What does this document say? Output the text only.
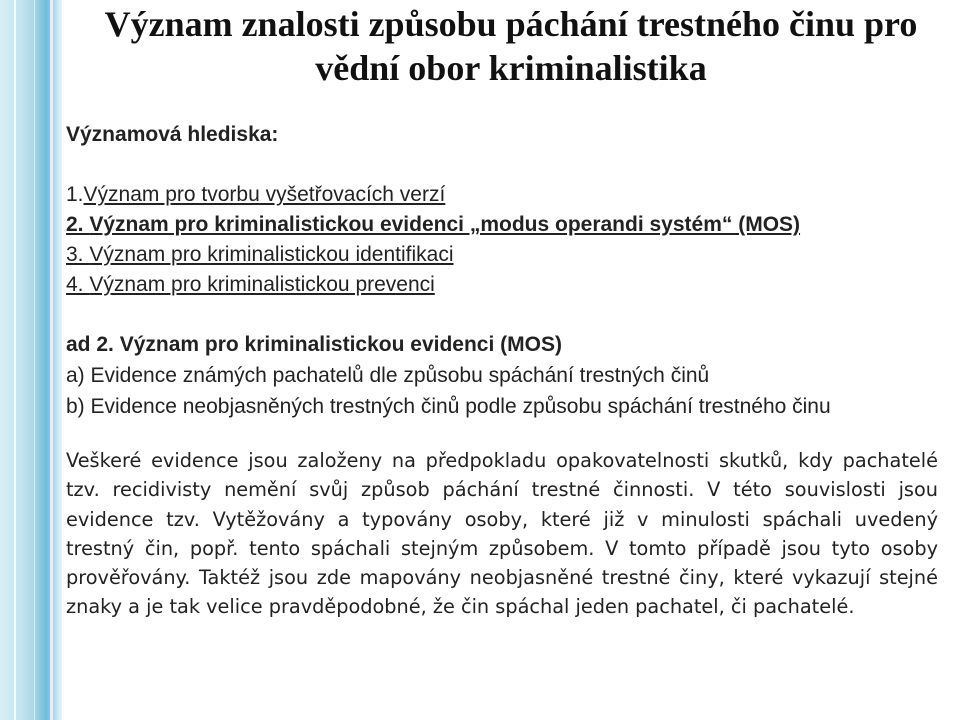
Význam znalosti způsobu páchání trestného činu pro
vědní obor kriminalistika
Významová hlediska:
1.Význam pro tvorbu vyšetřovacích verzí
2. Význam pro kriminalistickou evidenci „modus operandi systém“ (MOS)
3. Význam pro kriminalistickou identifikaci
4. Význam pro kriminalistickou prevenci
ad 2. Význam pro kriminalistickou evidenci (MOS)
a) Evidence známých pachatelů dle způsobu spáchání trestných činů
b) Evidence neobjasněných trestných činů podle způsobu spáchání trestného činu
Veškeré evidence jsou založeny na předpokladu opakovatelnosti skutků, kdy pachatelé tzv. recidivisty nemění svůj způsob páchání trestné činnosti. V této souvislosti jsou evidence tzv. Vytěžovány a typovány osoby, které již v minulosti spáchali uvedený trestný čin, popř. tento spáchali stejným způsobem. V tomto případě jsou tyto osoby prověřovány. Taktéž jsou zde mapovány neobjasněné trestné činy, které vykazují stejné znaky a je tak velice pravděpodobné, že čin spáchal jeden pachatel, či pachatelé.
